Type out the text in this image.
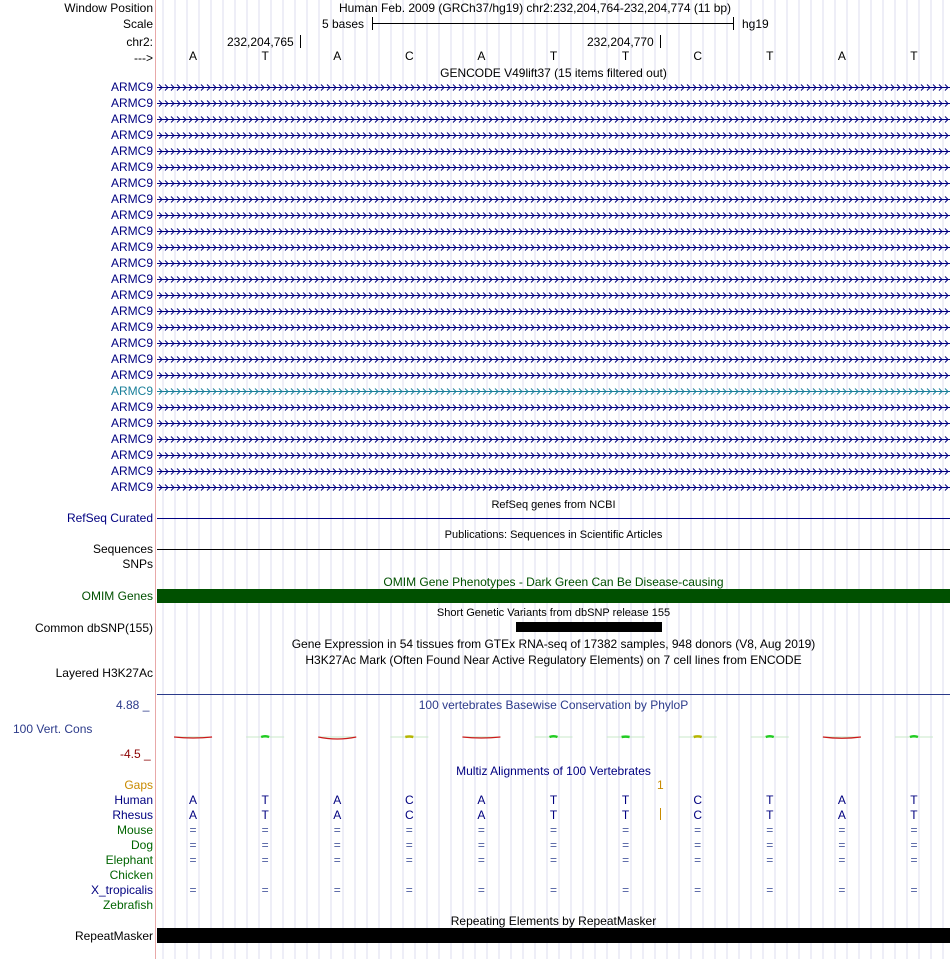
Window Position	Human Feb. 2009 (GRCh37/hg19) chr2:232,204,764-232,204,774 (11 bp)
Scale	5 bases	hg19
chr2:	232,204,765	232,204,770
--->	A	T	A	C	A	T	T	C	T	A	T
GENCODE V49lift37 (15 items filtered out)
ARMC9
ARMC9
ARMC9
ARMC9
ARMC9
ARMC9
ARMC9
ARMC9
ARMC9
ARMC9
ARMC9
ARMC9
ARMC9
ARMC9
ARMC9
ARMC9
ARMC9
ARMC9
ARMC9
ARMC9
ARMC9
ARMC9
ARMC9
ARMC9
ARMC9
ARMC9
RefSeq genes from NCBI
RefSeq Curated
Publications: Sequences in Scientific Articles
Sequences
SNPs
OMIM Gene Phenotypes - Dark Green Can Be Disease-causing
OMIM Genes
Short Genetic Variants from dbSNP release 155
Common dbSNP(155)
Gene Expression in 54 tissues from GTEx RNA-seq of 17382 samples, 948 donors (V8, Aug 2019)
H3K27Ac Mark (Often Found Near Active Regulatory Elements) on 7 cell lines from ENCODE
Layered H3K27Ac
100 vertebrates Basewise Conservation by PhyloP
4.88 _
100 Vert. Cons
-4.5 _
Multiz Alignments of 100 Vertebrates
Gaps	1
Human	A	T	A	C	A	T	T	C	T	A	T
Rhesus	A	T	A	C	A	T	T	C	T	A	T
Mouse	=	=	=	=	=	=	=	=	=	=	=
Dog	=	=	=	=	=	=	=	=	=	=	=
Elephant	=	=	=	=	=	=	=	=	=	=	=
Chicken
X_tropicalis	=	=	=	=	=	=	=	=	=	=	=
Zebrafish
Repeating Elements by RepeatMasker
RepeatMasker
